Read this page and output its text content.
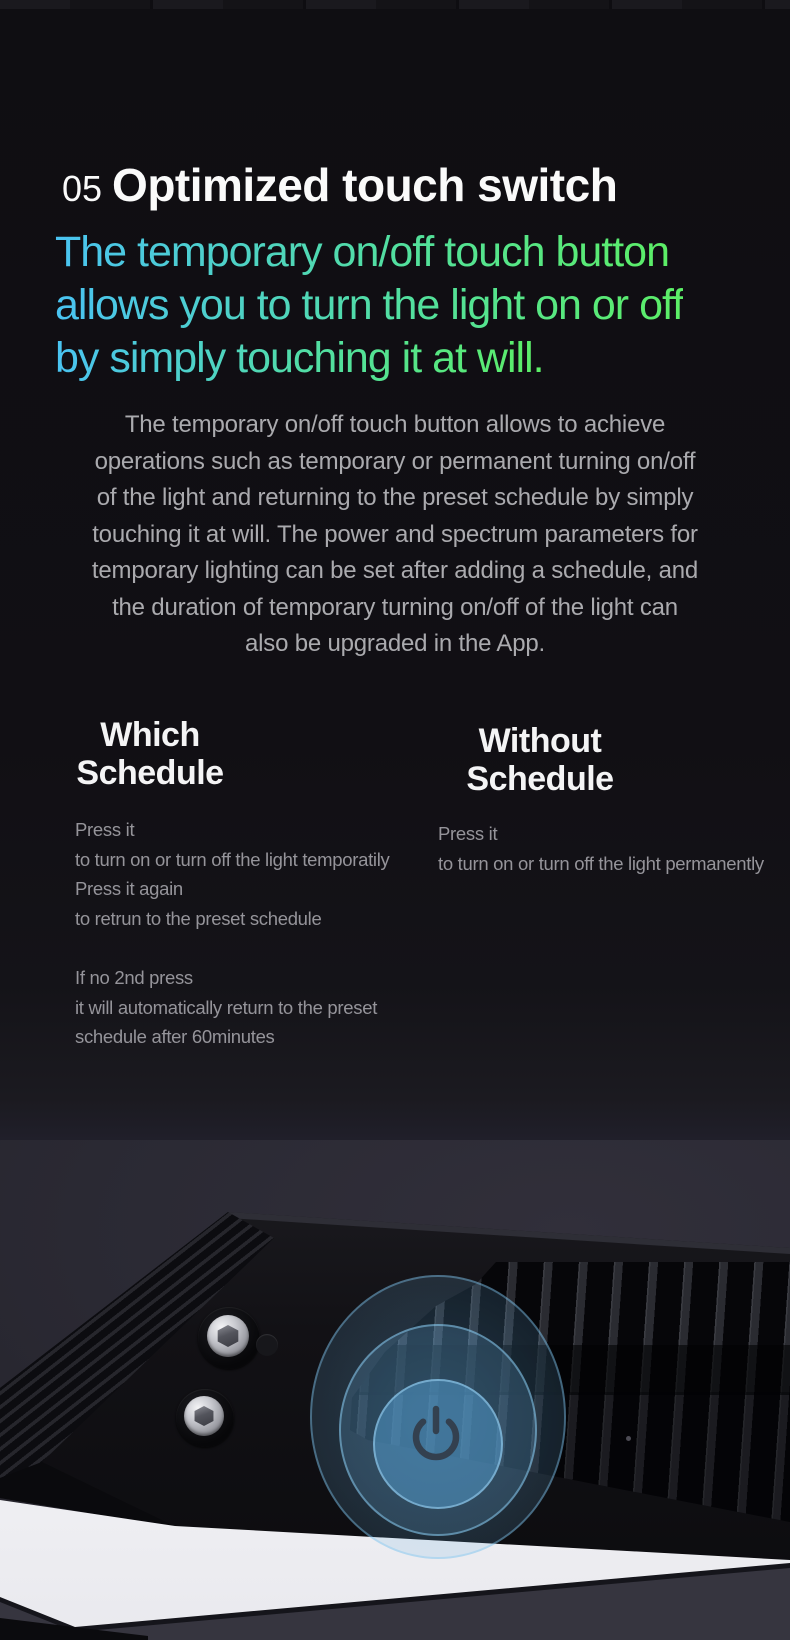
05 Optimized touch switch
The temporary on/off touch button
allows you to turn the light on or off
by simply touching it at will.
The temporary on/off touch button allows to achieve
operations such as temporary or permanent turning on/off
of the light and returning to the preset schedule by simply
touching it at will. The power and spectrum parameters for
temporary lighting can be set after adding a schedule, and
the duration of temporary turning on/off of the light can
also be upgraded in the App.
Which
Schedule
Without
Schedule
Press it
to turn on or turn off the light temporatily
Press it again
to retrun to the preset schedule
If no 2nd press
it will automatically return to the preset
schedule after 60minutes
Press it
to turn on or turn off the light permanently
